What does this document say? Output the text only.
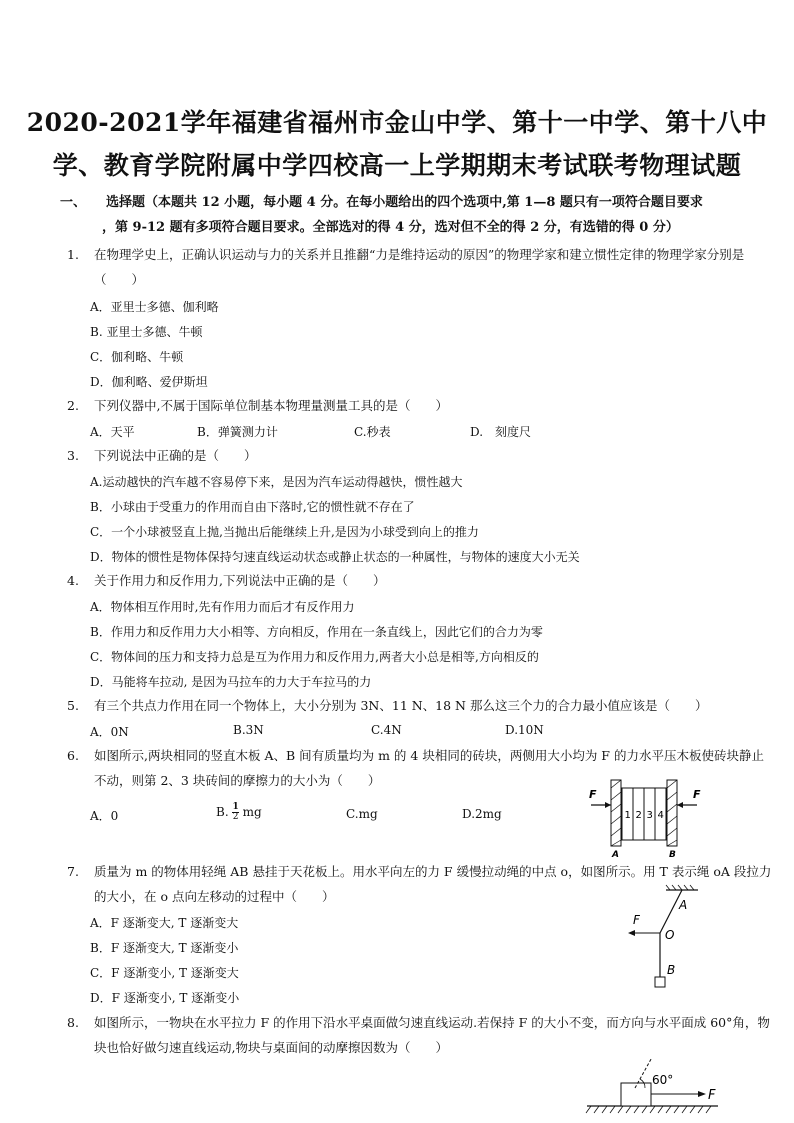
2020-2021学年福建省福州市金山中学、第十一中学、第十八中
学、教育学院附属中学四校高一上学期期末考试联考物理试题
一、 选择题（本题共 12 小题，每小题 4 分。在每小题给出的四个选项中,第 1—8 题只有一项符合题目要求
，第 9-12 题有多项符合题目要求。全部选对的得 4 分，选对但不全的得 2 分，有选错的得 0 分）
1. 在物理学史上，正确认识运动与力的关系并且推翻“力是维持运动的原因”的物理学家和建立惯性定律的物理学家分别是
（　　）
A．亚里士多德、伽利略
B. 亚里士多德、牛顿
C．伽利略、牛顿
D．伽利略、爱伊斯坦
2. 下列仪器中,不属于国际单位制基本物理量测量工具的是（　　）
A．天平	B．弹簧测力计	C.秒表	D.　刻度尺
3. 下列说法中正确的是（　　）
A.运动越快的汽车越不容易停下来，是因为汽车运动得越快，惯性越大
B．小球由于受重力的作用而自由下落时,它的惯性就不存在了
C．一个小球被竖直上抛,当抛出后能继续上升,是因为小球受到向上的推力
D．物体的惯性是物体保持匀速直线运动状态或静止状态的一种属性，与物体的速度大小无关
4. 关于作用力和反作用力,下列说法中正确的是（　　）
A．物体相互作用时,先有作用力而后才有反作用力
B．作用力和反作用力大小相等、方向相反，作用在一条直线上，因此它们的合力为零
C．物体间的压力和支持力总是互为作用力和反作用力,两者大小总是相等,方向相反的
D．马能将车拉动, 是因为马拉车的力大于车拉马的力
5. 有三个共点力作用在同一个物体上，大小分别为 3N、11 N、18 N 那么这三个力的合力最小值应该是（　　）
A．0N	B.3N	C.4N	D.10N
6. 如图所示,两块相同的竖直木板 A、B 间有质量均为 m 的 4 块相同的砖块，两侧用大小均为 F 的力水平压木板使砖块静止
不动，则第 2、3 块砖间的摩擦力的大小为（　　）
A．0	B. $\frac{1}{2}$ mg	C.mg	D.2mg
F
1 2 3 4
F
A	B
7. 质量为 m 的物体用轻绳 AB 悬挂于天花板上。用水平向左的力 F 缓慢拉动绳的中点 o，如图所示。用 T 表示绳 oA 段拉力
的大小，在 o 点向左移动的过程中（　　）
A．F 逐渐变大, T 逐渐变大
B．F 逐渐变大, T 逐渐变小
C．F 逐渐变小, T 逐渐变大
D．F 逐渐变小, T 逐渐变小
A
F
O
B
8. 如图所示，一物块在水平拉力 F 的作用下沿水平桌面做匀速直线运动.若保持 F 的大小不变，而方向与水平面成 60°角，物
块也恰好做匀速直线运动,物块与桌面间的动摩擦因数为（　　）
60°
F
